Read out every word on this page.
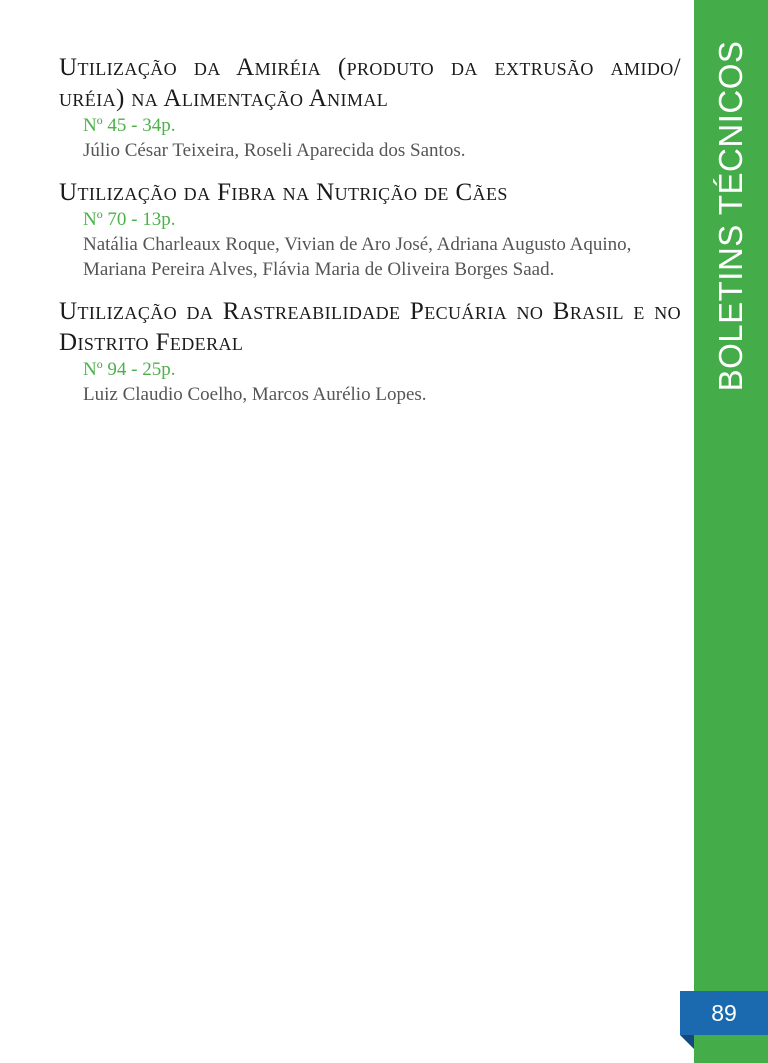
Utilização da Amiréia (produto da extrusão amido/ uréia) na Alimentação Animal

Nº 45 - 34p.
Júlio César Teixeira, Roseli Aparecida dos Santos.

Utilização da Fibra na Nutrição de Cães

Nº 70 - 13p.
Natália Charleaux Roque, Vivian de Aro José, Adriana Augusto Aquino, Mariana Pereira Alves, Flávia Maria de Oliveira Borges Saad.

Utilização da Rastreabilidade Pecuária no Brasil e no Distrito Federal

Nº 94 - 25p.
Luiz Claudio Coelho, Marcos Aurélio Lopes.
BOLETINS TÉCNICOS
89
